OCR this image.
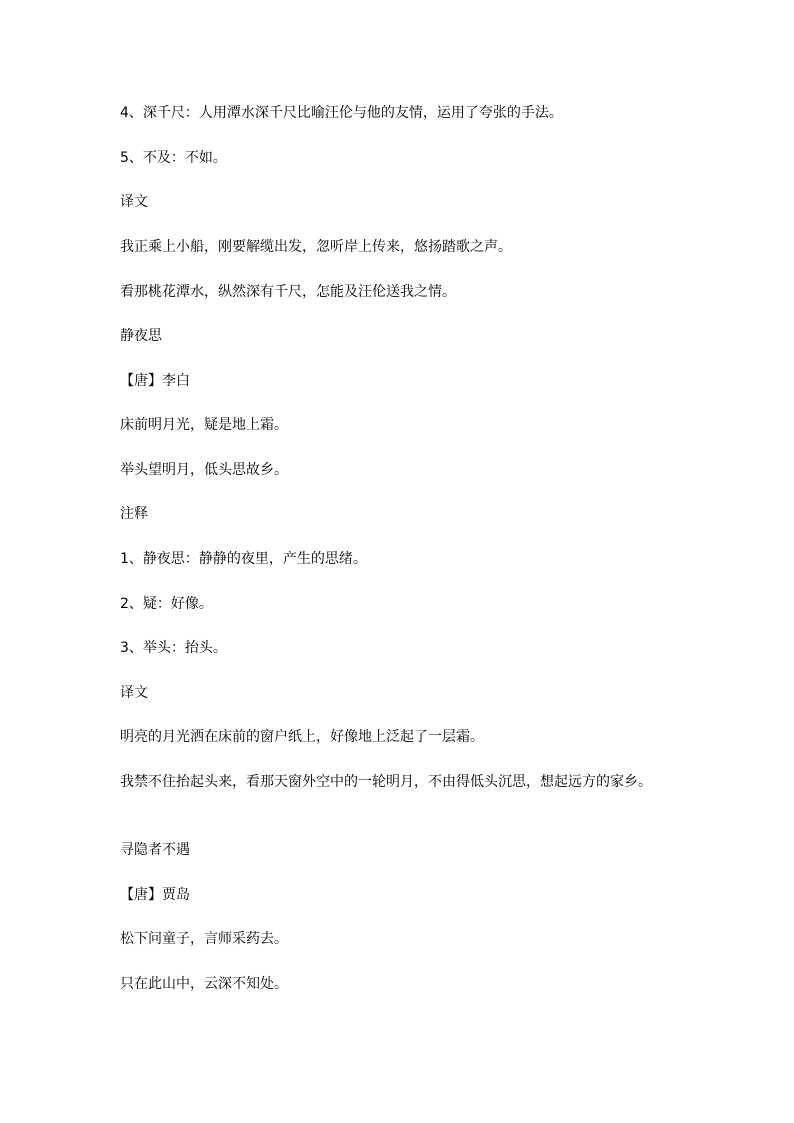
4、深千尺：人用潭水深千尺比喻汪伦与他的友情，运用了夸张的手法。

5、不及：不如。

译文

我正乘上小船，刚要解缆出发，忽听岸上传来，悠扬踏歌之声。

看那桃花潭水，纵然深有千尺，怎能及汪伦送我之情。

静夜思

【唐】李白

床前明月光，疑是地上霜。

举头望明月，低头思故乡。

注释

1、静夜思：静静的夜里，产生的思绪。

2、疑：好像。

3、举头：抬头。

译文

明亮的月光洒在床前的窗户纸上，好像地上泛起了一层霜。

我禁不住抬起头来，看那天窗外空中的一轮明月，不由得低头沉思，想起远方的家乡。

寻隐者不遇

【唐】贾岛

松下问童子，言师采药去。

只在此山中，云深不知处。
